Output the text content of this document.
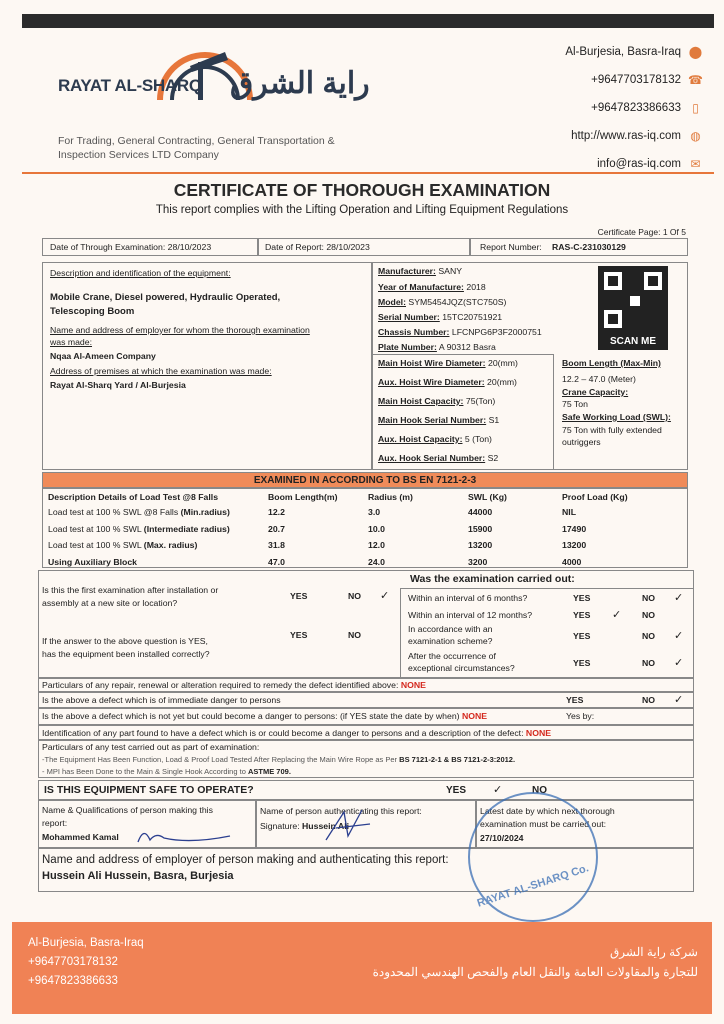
RAYAT AL-SHARQ راية الشرق
For Trading, General Contracting, General Transportation & Inspection Services LTD Company
Al-Burjesia, Basra-Iraq ⬤
+9647703178132 ☎
+9647823386633 ▯
http://www.ras-iq.com ◍
info@ras-iq.com ✉
CERTIFICATE OF THOROUGH EXAMINATION
This report complies with the Lifting Operation and Lifting Equipment Regulations
Certificate Page: 1 Of 5
Date of Through Examination: 28/10/2023	Date of Report: 28/10/2023	Report Number: RAS-C-231030129
Description and identification of the equipment:
Mobile Crane, Diesel powered, Hydraulic Operated,
Telescoping Boom
Name and address of employer for whom the thorough examination
was made:
Nqaa Al-Ameen Company
Address of premises at which the examination was made:
Rayat Al-Sharq Yard / Al-Burjesia
Manufacturer: SANY
Year of Manufacture: 2018
Model: SYM5454JQZ(STC750S)
Serial Number: 15TC20751921
Chassis Number: LFCNPG6P3F2000751
Plate Number: A 90312 Basra	SCAN ME
Main Hoist Wire Diameter: 20(mm)
Aux. Hoist Wire Diameter: 20(mm)
Main Hoist Capacity: 75(Ton)
Main Hook Serial Number: S1
Aux. Hoist Capacity: 5 (Ton)
Aux. Hook Serial Number: S2
Boom Length (Max-Min)
12.2 – 47.0 (Meter)
Crane Capacity:
75 Ton
Safe Working Load (SWL):
75 Ton with fully extended
outriggers
EXAMINED IN ACCORDING TO BS EN 7121-2-3
Description Details of Load Test @8 Falls	Boom Length(m)	Radius (m)	SWL (Kg)	Proof Load (Kg)
Load test at 100 % SWL @8 Falls (Min.radius)	12.2	3.0	44000	NIL
Load test at 100 % SWL (Intermediate radius)	20.7	10.0	15900	17490
Load test at 100 % SWL (Max. radius)	31.8	12.0	13200	13200
Using Auxiliary Block	47.0	24.0	3200	4000
Is this the first examination after installation or
assembly at a new site or location?
YES	NO ✓
If the answer to the above question is YES,
has the equipment been installed correctly?
YES	NO
Was the examination carried out:
Within an interval of 6 months?	YES	NO ✓
Within an interval of 12 months?	YES ✓ NO
In accordance with an
examination scheme?	YES	NO ✓
After the occurrence of
exceptional circumstances?	YES	NO ✓
Particulars of any repair, renewal or alteration required to remedy the defect identified above: NONE
Is the above a defect which is of immediate danger to persons	YES	NO ✓
Is the above a defect which is not yet but could become a danger to persons: (if YES state the date by when) NONE	Yes by:
Identification of any part found to have a defect which is or could become a danger to persons and a description of the defect: NONE
Particulars of any test carried out as part of examination:
-The Equipment Has Been Function, Load & Proof Load Tested After Replacing the Main Wire Rope as Per BS 7121-2-1 & BS 7121-2-3:2012.
- MPI has Been Done to the Main & Single Hook According to ASTME 709.
IS THIS EQUIPMENT SAFE TO OPERATE?	YES ✓	NO
Name & Qualifications of person making this
report:
Mohammed Kamal
Name of person authenticating this report:
Signature: Hussein Ali
Latest date by which next thorough
examination must be carried out:
27/10/2024
Name and address of employer of person making and authenticating this report:
Hussein Ali Hussein, Basra, Burjesia	RAYAT AL-SHARQ Co.
Al-Burjesia, Basra-Iraq
+9647703178132
+9647823386633
شركة راية الشرق
للتجارة والمقاولات العامة والنقل العام والفحص الهندسي المحدودة
